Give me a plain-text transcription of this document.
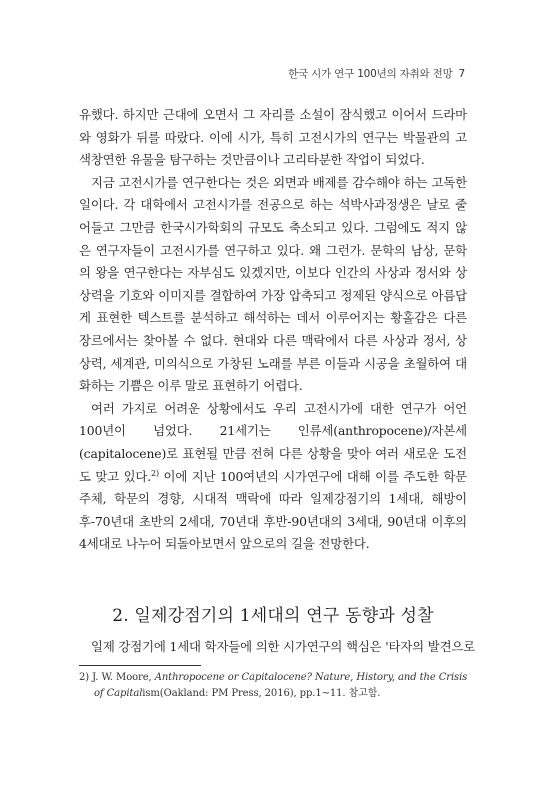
한국 시가 연구 100년의 자취와 전망 7

유했다. 하지만 근대에 오면서 그 자리를 소설이 잠식했고 이어서 드라마와 영화가 뒤를 따랐다. 이에 시가, 특히 고전시가의 연구는 박물관의 고색창연한 유물을 탐구하는 것만큼이나 고리타분한 작업이 되었다.

지금 고전시가를 연구한다는 것은 외면과 배제를 감수해야 하는 고독한 일이다. 각 대학에서 고전시가를 전공으로 하는 석박사과정생은 날로 줄어들고 그만큼 한국시가학회의 규모도 축소되고 있다. 그럼에도 적지 않은 연구자들이 고전시가를 연구하고 있다. 왜 그런가. 문학의 남상, 문학의 왕을 연구한다는 자부심도 있겠지만, 이보다 인간의 사상과 정서와 상상력을 기호와 이미지를 결합하여 가장 압축되고 정제된 양식으로 아름답게 표현한 텍스트를 분석하고 해석하는 데서 이루어지는 황홀감은 다른 장르에서는 찾아볼 수 없다. 현대와 다른 맥락에서 다른 사상과 정서, 상상력, 세계관, 미의식으로 가창된 노래를 부른 이들과 시공을 초월하여 대화하는 기쁨은 이루 말로 표현하기 어렵다.

여러 가지로 어려운 상황에서도 우리 고전시가에 대한 연구가 어언 100년이 넘었다. 21세기는 인류세(anthropocene)/자본세(capitalocene)로 표현될 만큼 전혀 다른 상황을 맞아 여러 새로운 도전도 맞고 있다.$^{2)}$ 이에 지난 100여년의 시가연구에 대해 이를 주도한 학문 주체, 학문의 경향, 시대적 맥락에 따라 일제강점기의 1세대, 해방이후-70년대 초반의 2세대, 70년대 후반-90년대의 3세대, 90년대 이후의 4세대로 나누어 되돌아보면서 앞으로의 길을 전망한다.

2. 일제강점기의 1세대의 연구 동향과 성찰
일제 강점기에 1세대 학자들에 의한 시가연구의 핵심은 '타자의 발견으로
2) J. W. Moore, Anthropocene or Capitalocene? Nature, History, and the Crisis
of Capitalism(Oakland: PM Press, 2016), pp.1∼11. 참고함.
